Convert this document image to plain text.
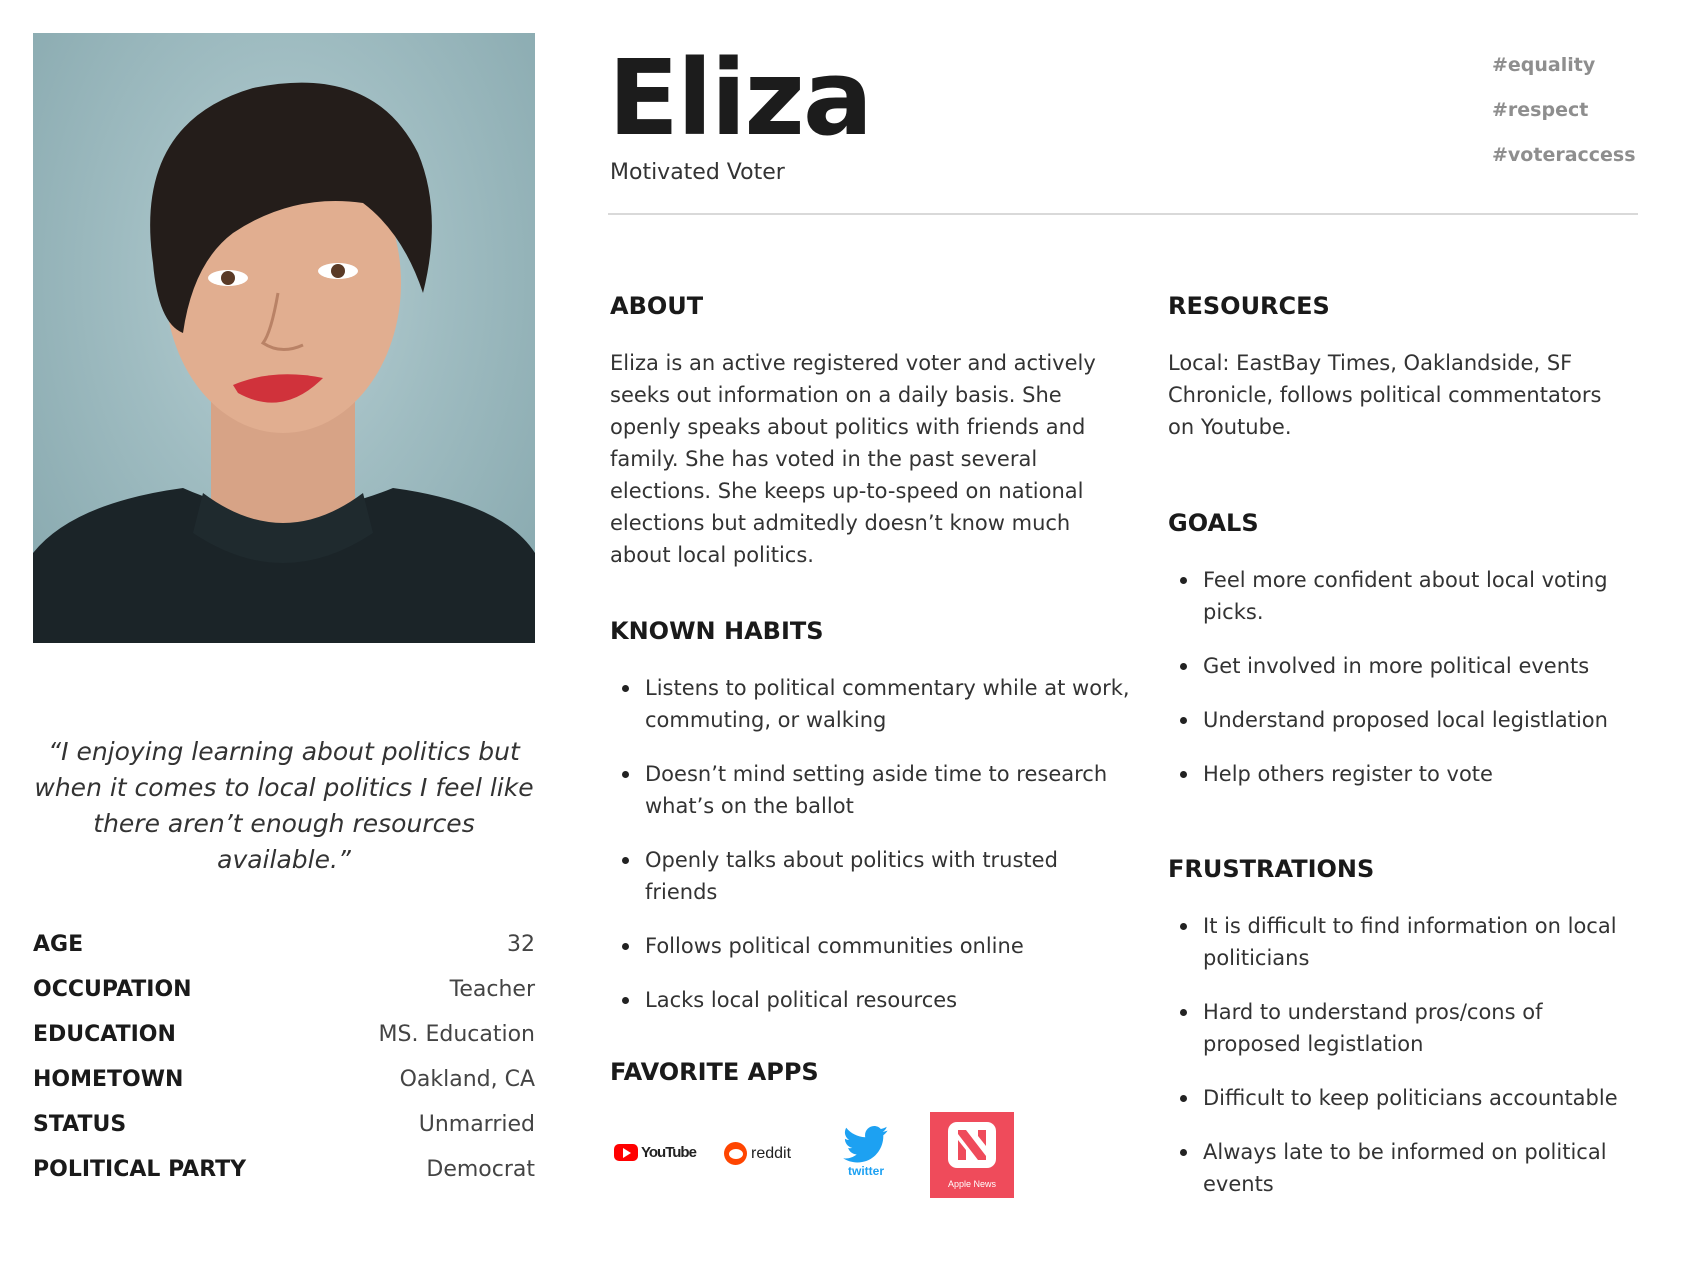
“I enjoying learning about politics but when it comes to local politics I feel like there aren’t enough resources available.”
AGE	32
OCCUPATION	Teacher
EDUCATION	MS. Education
HOMETOWN	Oakland, CA
STATUS	Unmarried
POLITICAL PARTY	Democrat
Eliza
Motivated Voter
#equality
#respect
#voteraccess
ABOUT
Eliza is an active registered voter and actively seeks out information on a daily basis. She openly speaks about politics with friends and family. She has voted in the past several elections. She keeps up-to-speed on national elections but admitedly doesn’t know much about local politics.
KNOWN HABITS
Listens to political commentary while at work, commuting, or walking
Doesn’t mind setting aside time to research what’s on the ballot
Openly talks about politics with trusted friends
Follows political communities online
Lacks local political resources
FAVORITE APPS
YouTube	reddit
twitter
Apple News
RESOURCES
Local: EastBay Times, Oaklandside, SF Chronicle, follows political commentators on Youtube.
GOALS
Feel more confident about local voting picks.
Get involved in more political events
Understand proposed local legistlation
Help others register to vote
FRUSTRATIONS
It is difficult to find information on local politicians
Hard to understand pros/cons of proposed legistlation
Difficult to keep politicians accountable
Always late to be informed on political events
